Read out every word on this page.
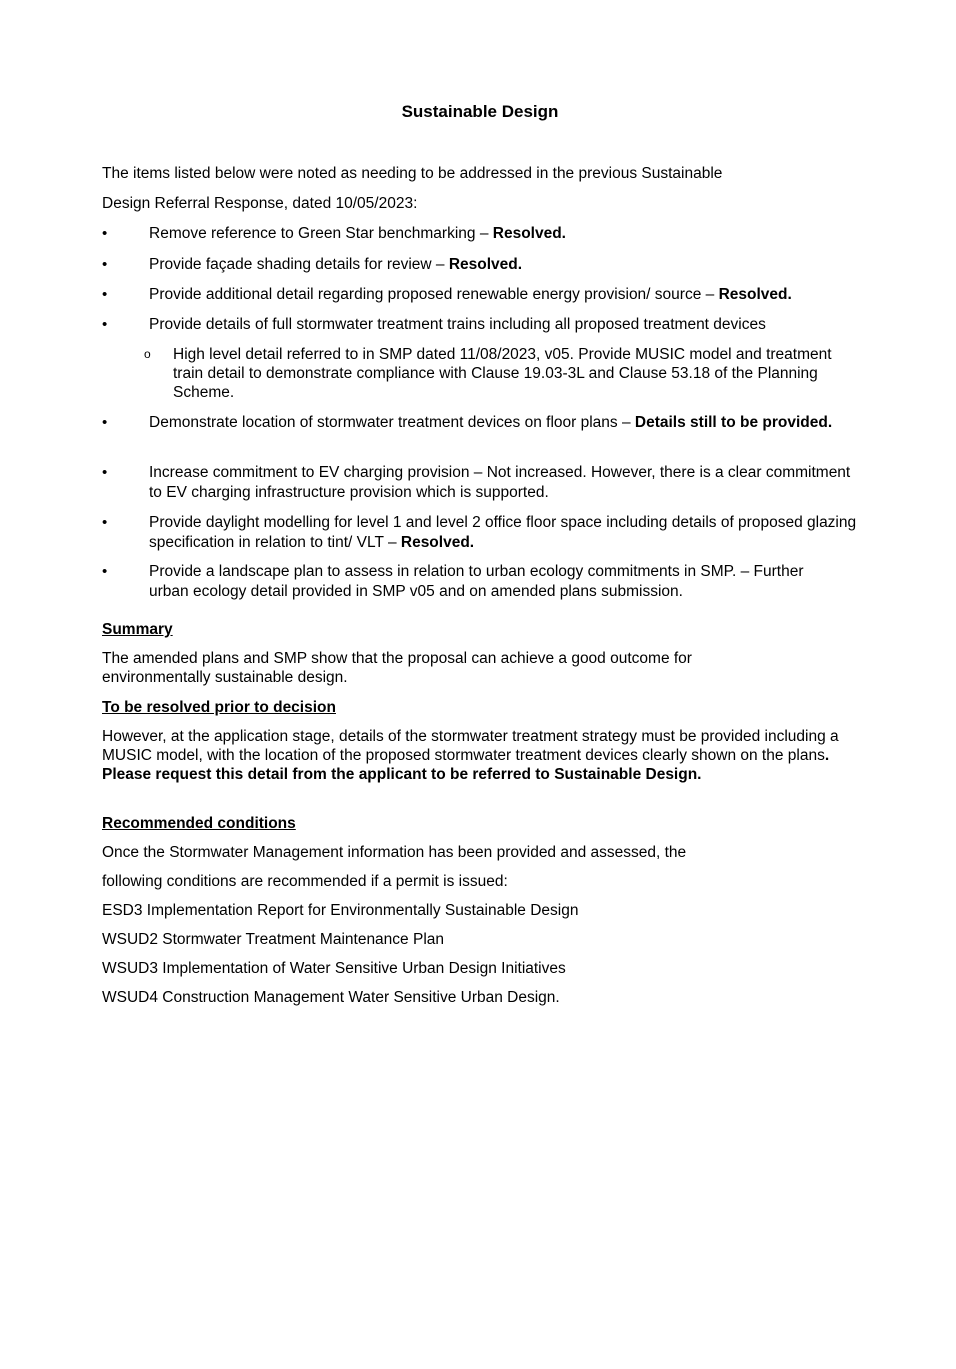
Sustainable Design
The items listed below were noted as needing to be addressed in the previous Sustainable
Design Referral Response, dated 10/05/2023:
•	Remove reference to Green Star benchmarking – Resolved.
•	Provide façade shading details for review – Resolved.
•	Provide additional detail regarding proposed renewable energy provision/ source – Resolved.
•	Provide details of full stormwater treatment trains including all proposed treatment devices
o High level detail referred to in SMP dated 11/08/2023, v05. Provide MUSIC model and treatment train detail to demonstrate compliance with Clause 19.03-3L and Clause 53.18 of the Planning Scheme.
•	Demonstrate location of stormwater treatment devices on floor plans – Details still to be provided.
•	Increase commitment to EV charging provision – Not increased. However, there is a clear commitment to EV charging infrastructure provision which is supported.
•	Provide daylight modelling for level 1 and level 2 office floor space including details of proposed glazing specification in relation to tint/ VLT – Resolved.
•	Provide a landscape plan to assess in relation to urban ecology commitments in SMP. – Further urban ecology detail provided in SMP v05 and on amended plans submission.
Summary
The amended plans and SMP show that the proposal can achieve a good outcome for environmentally sustainable design.
To be resolved prior to decision
However, at the application stage, details of the stormwater treatment strategy must be provided including a MUSIC model, with the location of the proposed stormwater treatment devices clearly shown on the plans. Please request this detail from the applicant to be referred to Sustainable Design.
Recommended conditions
Once the Stormwater Management information has been provided and assessed, the
following conditions are recommended if a permit is issued:
ESD3 Implementation Report for Environmentally Sustainable Design
WSUD2 Stormwater Treatment Maintenance Plan
WSUD3 Implementation of Water Sensitive Urban Design Initiatives
WSUD4 Construction Management Water Sensitive Urban Design.
